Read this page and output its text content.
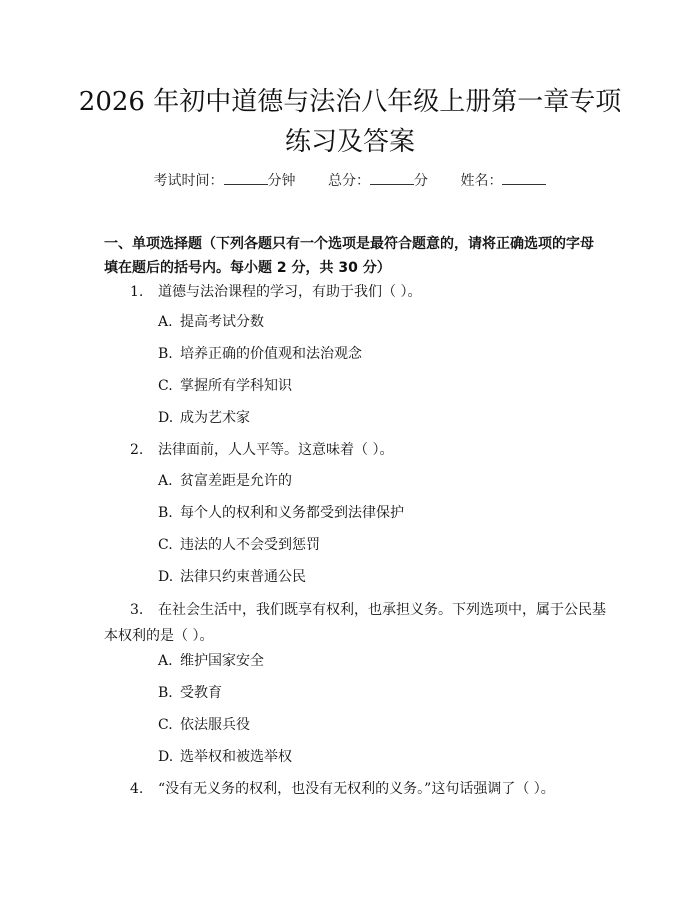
2026 年初中道德与法治八年级上册第一章专项练习及答案
考试时间：	分钟 总分：	分 姓名：

一、单项选择题（下列各题只有一个选项是最符合题意的，请将正确选项的字母填在题后的括号内。每小题 2 分，共 30 分）

1. 道德与法治课程的学习，有助于我们（ ）。
A. 提高考试分数
B. 培养正确的价值观和法治观念
C. 掌握所有学科知识
D. 成为艺术家
2. 法律面前，人人平等。这意味着（ ）。
A. 贫富差距是允许的
B. 每个人的权利和义务都受到法律保护
C. 违法的人不会受到惩罚
D. 法律只约束普通公民
3.	在社会生活中，我们既享有权利，也承担义务。下列选项中，属于公民基本权利的是（ ）。
A. 维护国家安全
B. 受教育
C. 依法服兵役
D. 选举权和被选举权
4. “没有无义务的权利，也没有无权利的义务。”这句话强调了（ ）。
